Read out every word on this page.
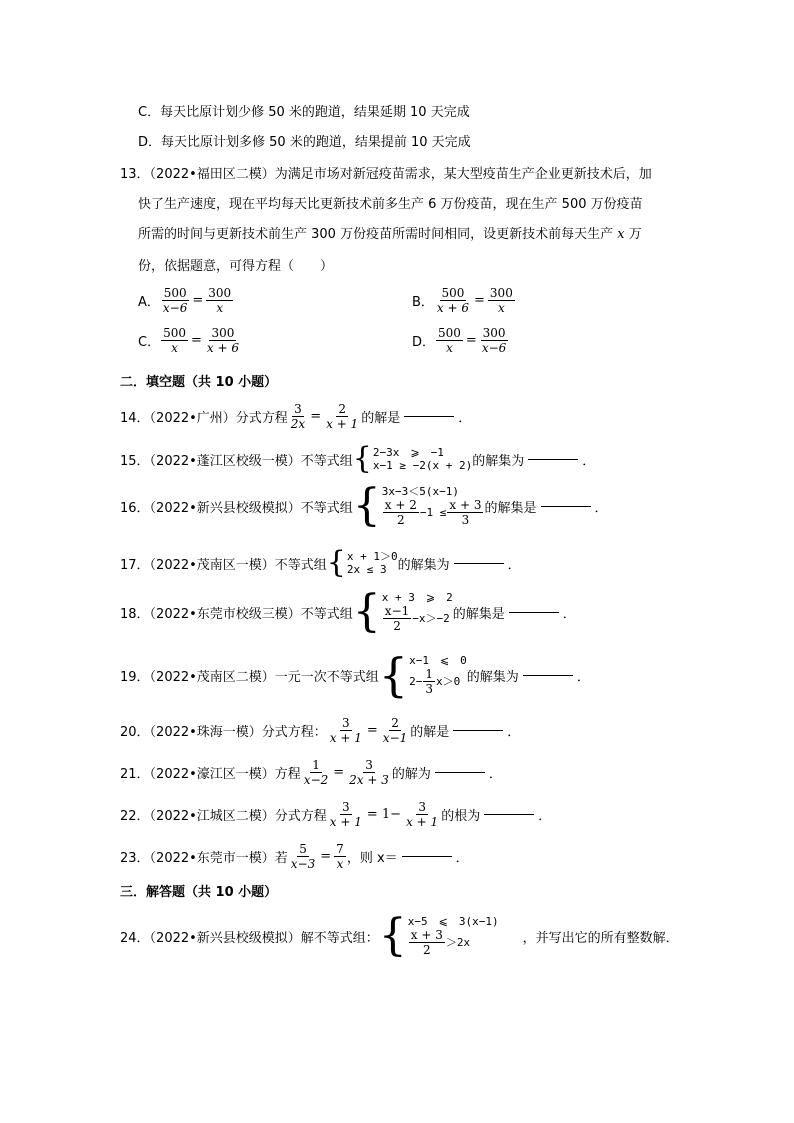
C．每天比原计划少修 50 米的跑道，结果延期 10 天完成
D．每天比原计划多修 50 米的跑道，结果提前 10 天完成
13．（2022•福田区二模）为满足市场对新冠疫苗需求，某大型疫苗生产企业更新技术后，加
快了生产速度，现在平均每天比更新技术前多生产 6 万份疫苗，现在生产 500 万份疫苗
所需的时间与更新技术前生产 300 万份疫苗所需时间相同，设更新技术前每天生产 x 万
份，依据题意，可得方程（　　）
A． $\frac{500}{x-6} = \frac{300}{x}$	B． $\frac{500}{x + 6} = \frac{300}{x}$
C． $\frac{500}{x} = \frac{300}{x + 6}$	D． $\frac{500}{x} = \frac{300}{x-6}$
二．填空题（共 10 小题）
14．（2022•广州）分式方程 $\frac{3}{2x} = \frac{2}{x + 1}$ 的解是	．
15．（2022•蓬江区校级一模）不等式组 { 2−3x　⩾　−1
x−1 ≥ −2(x + 2) 的解集为	．
16．（2022•新兴县校级模拟）不等式组 { 3x−3＜5(x−1)
$\frac{x + 2}{2} -1 \le \frac{x + 3}{3}$ 的解集是	．
17．（2022•茂南区一模）不等式组 { x + 1＞0
2x ≤ 3 的解集为	．
18．（2022•东莞市校级三模）不等式组 { x + 3　⩾　2
$\frac{x-1}{2} -x>-2$ 的解集是	．
19．（2022•茂南区二模）一元一次不等式组 { x−1　⩽　0
$2- \frac{1}{3} x>0$ 的解集为	．
20．（2022•珠海一模）分式方程： $\frac{3}{x + 1} = \frac{2}{x-1}$ 的解是	．
21．（2022•濠江区一模）方程 $\frac{1}{x-2} = \frac{3}{2x + 3}$ 的解为	．
22．（2022•江城区二模）分式方程 $\frac{3}{x + 1} = 1- \frac{3}{x + 1}$ 的根为	．
23．（2022•东莞市一模）若 $\frac{5}{x-3} = \frac{7}{x}$ ，则 x＝	．
三．解答题（共 10 小题）
24．（2022•新兴县校级模拟）解不等式组： { x−5　⩽　3(x−1)
$\frac{x + 3}{2} >2x$	，并写出它的所有整数解．
